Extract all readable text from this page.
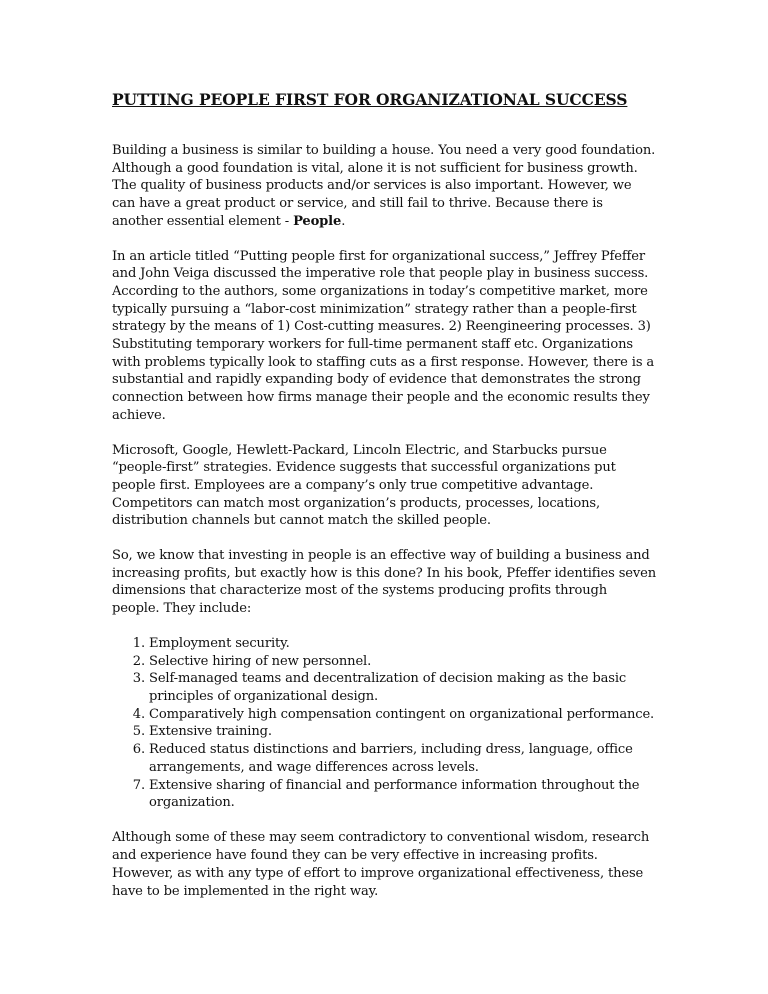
PUTTING PEOPLE FIRST FOR ORGANIZATIONAL SUCCESS

Building a business is similar to building a house. You need a very good foundation. Although a good foundation is vital, alone it is not sufficient for business growth. The quality of business products and/or services is also important. However, we can have a great product or service, and still fail to thrive. Because there is another essential element - People.

In an article titled “Putting people first for organizational success,” Jeffrey Pfeffer and John Veiga discussed the imperative role that people play in business success. According to the authors, some organizations in today’s competitive market, more typically pursuing a “labor-cost minimization” strategy rather than a people-first strategy by the means of 1) Cost-cutting measures. 2) Reengineering processes. 3) Substituting temporary workers for full-time permanent staff etc. Organizations with problems typically look to staffing cuts as a first response. However, there is a substantial and rapidly expanding body of evidence that demonstrates the strong connection between how firms manage their people and the economic results they achieve.

Microsoft, Google, Hewlett-Packard, Lincoln Electric, and Starbucks pursue “people-first” strategies. Evidence suggests that successful organizations put people first. Employees are a company’s only true competitive advantage. Competitors can match most organization’s products, processes, locations, distribution channels but cannot match the skilled people.

So, we know that investing in people is an effective way of building a business and increasing profits, but exactly how is this done? In his book, Pfeffer identifies seven dimensions that characterize most of the systems producing profits through people. They include:

1. Employment security.
2. Selective hiring of new personnel.
3. Self-managed teams and decentralization of decision making as the basic principles of organizational design.
4. Comparatively high compensation contingent on organizational performance.
5. Extensive training.
6. Reduced status distinctions and barriers, including dress, language, office arrangements, and wage differences across levels.
7. Extensive sharing of financial and performance information throughout the organization.

Although some of these may seem contradictory to conventional wisdom, research and experience have found they can be very effective in increasing profits. However, as with any type of effort to improve organizational effectiveness, these have to be implemented in the right way.
